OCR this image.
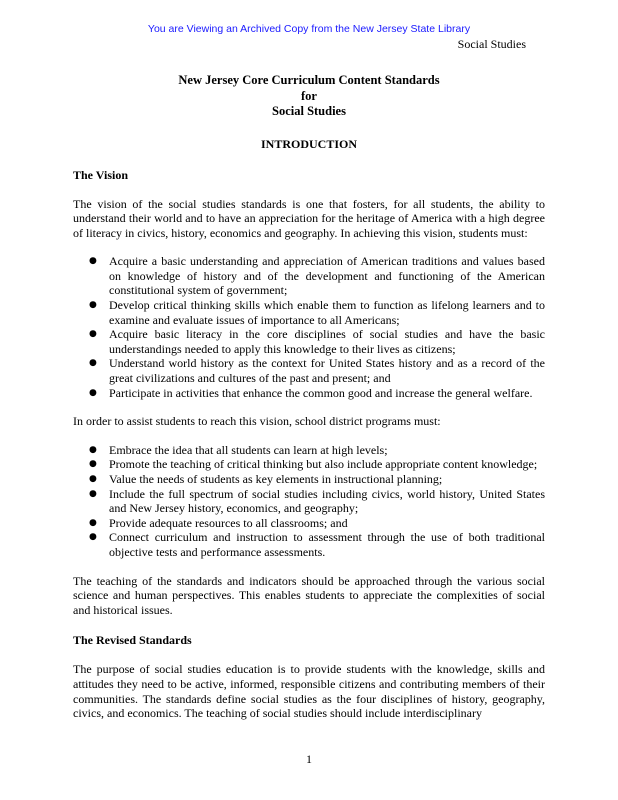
You are Viewing an Archived Copy from the New Jersey State Library
Social Studies
New Jersey Core Curriculum Content Standards
for
Social Studies
INTRODUCTION
The Vision

The vision of the social studies standards is one that fosters, for all students, the ability to understand their world and to have an appreciation for the heritage of America with a high degree of literacy in civics, history, economics and geography. In achieving this vision, students must:

● Acquire a basic understanding and appreciation of American traditions and values based on knowledge of history and of the development and functioning of the American constitutional system of government;
● Develop critical thinking skills which enable them to function as lifelong learners and to examine and evaluate issues of importance to all Americans;
● Acquire basic literacy in the core disciplines of social studies and have the basic understandings needed to apply this knowledge to their lives as citizens;
● Understand world history as the context for United States history and as a record of the great civilizations and cultures of the past and present; and
● Participate in activities that enhance the common good and increase the general welfare.

In order to assist students to reach this vision, school district programs must:

● Embrace the idea that all students can learn at high levels;
● Promote the teaching of critical thinking but also include appropriate content knowledge;
● Value the needs of students as key elements in instructional planning;
● Include the full spectrum of social studies including civics, world history, United States and New Jersey history, economics, and geography;
● Provide adequate resources to all classrooms; and
● Connect curriculum and instruction to assessment through the use of both traditional objective tests and performance assessments.

The teaching of the standards and indicators should be approached through the various social science and human perspectives. This enables students to appreciate the complexities of social and historical issues.

The Revised Standards

The purpose of social studies education is to provide students with the knowledge, skills and attitudes they need to be active, informed, responsible citizens and contributing members of their communities. The standards define social studies as the four disciplines of history, geography, civics, and economics. The teaching of social studies should include interdisciplinary

1
